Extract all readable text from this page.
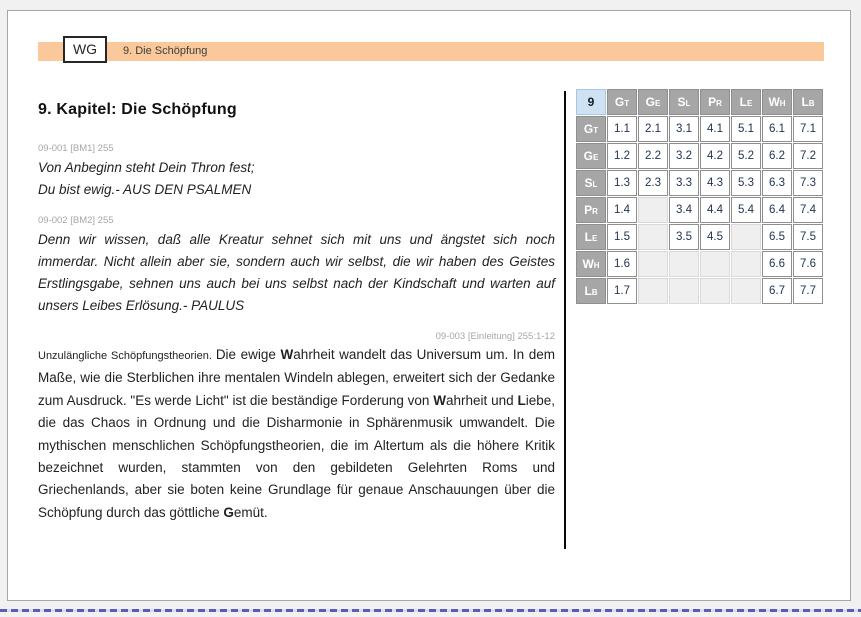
9. Die Schöpfung
WG
9. Kapitel: Die Schöpfung
09-001 [BM1] 255
Von Anbeginn steht Dein Thron fest;
Du bist ewig.- AUS DEN PSALMEN
09-002 [BM2] 255
Denn wir wissen, daß alle Kreatur sehnet sich mit uns und ängstet sich noch immerdar. Nicht allein aber sie, sondern auch wir selbst, die wir haben des Geistes Erstlingsgabe, sehnen uns auch bei uns selbst nach der Kindschaft und warten auf unsers Leibes Erlösung.- PAULUS
09-003 [Einleitung] 255:1-12
Unzulängliche Schöpfungstheorien. Die ewige Wahrheit wandelt das Universum um. In dem Maße, wie die Sterblichen ihre mentalen Windeln ablegen, erweitert sich der Gedanke zum Ausdruck. "Es werde Licht" ist die beständige Forderung von Wahrheit und Liebe, die das Chaos in Ordnung und die Disharmonie in Sphärenmusik umwandelt. Die mythischen menschlichen Schöpfungstheorien, die im Altertum als die höhere Kritik bezeichnet wurden, stammten von den gebildeten Gelehrten Roms und Griechenlands, aber sie boten keine Grundlage für genaue Anschauungen über die Schöpfung durch das göttliche Gemüt.
9	Gt	Ge	Sl	Pr	Le	Wh	Lb
Gt	1.1	2.1	3.1	4.1	5.1	6.1	7.1
Ge	1.2	2.2	3.2	4.2	5.2	6.2	7.2
Sl	1.3	2.3	3.3	4.3	5.3	6.3	7.3
Pr	1.4		3.4	4.4	5.4	6.4	7.4
Le	1.5		3.5	4.5		6.5	7.5
Wh	1.6					6.6	7.6
Lb	1.7					6.7	7.7
